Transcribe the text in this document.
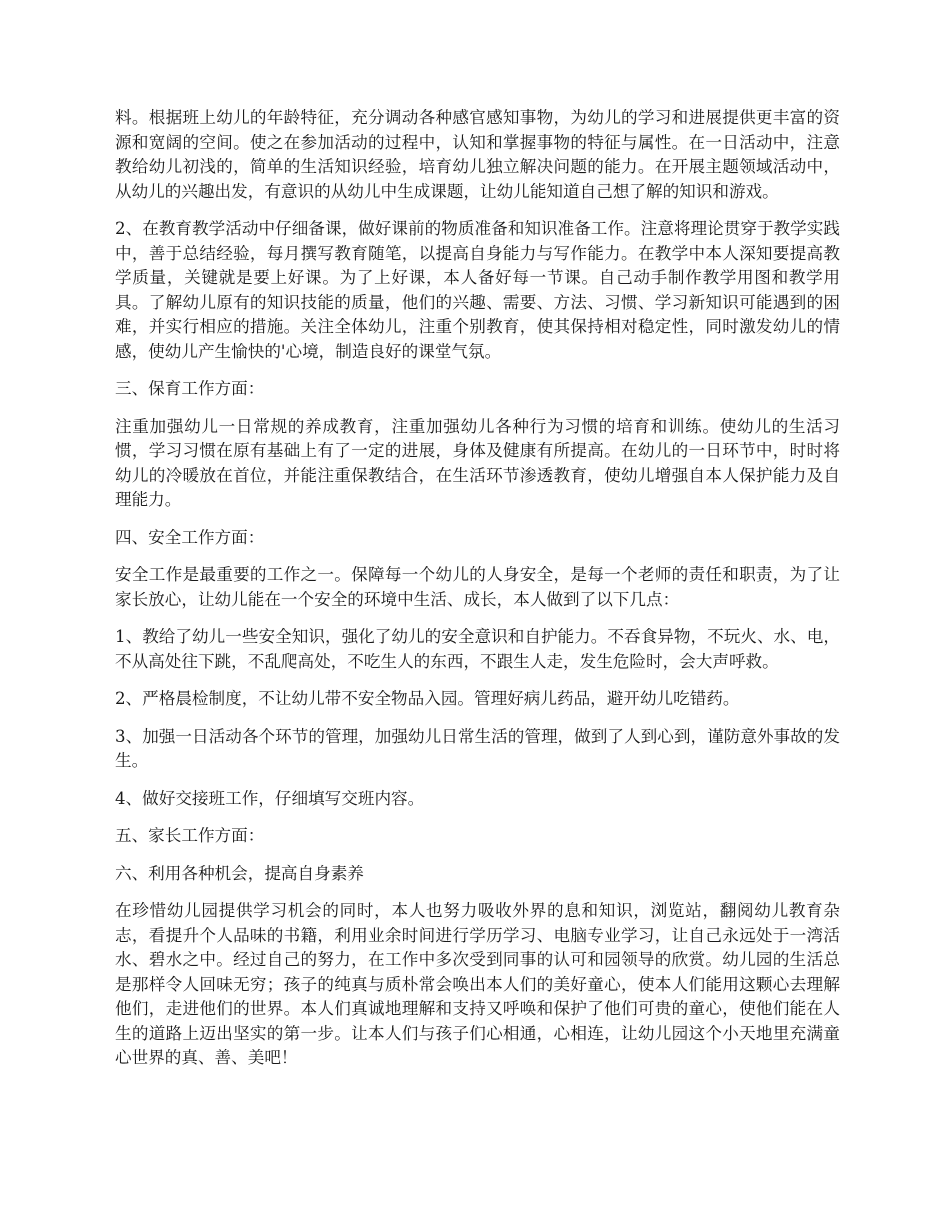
料。根据班上幼儿的年龄特征，充分调动各种感官感知事物，为幼儿的学习和进展提供更丰富的资源和宽阔的空间。使之在参加活动的过程中，认知和掌握事物的特征与属性。在一日活动中，注意教给幼儿初浅的，简单的生活知识经验，培育幼儿独立解决问题的能力。在开展主题领域活动中，从幼儿的兴趣出发，有意识的从幼儿中生成课题，让幼儿能知道自己想了解的知识和游戏。

2、在教育教学活动中仔细备课，做好课前的物质准备和知识准备工作。注意将理论贯穿于教学实践中，善于总结经验，每月撰写教育随笔，以提高自身能力与写作能力。在教学中本人深知要提高教学质量，关键就是要上好课。为了上好课，本人备好每一节课。自己动手制作教学用图和教学用具。了解幼儿原有的知识技能的质量，他们的兴趣、需要、方法、习惯、学习新知识可能遇到的困难，并实行相应的措施。关注全体幼儿，注重个别教育，使其保持相对稳定性，同时激发幼儿的情感，使幼儿产生愉快的'心境，制造良好的课堂气氛。

三、保育工作方面：

注重加强幼儿一日常规的养成教育，注重加强幼儿各种行为习惯的培育和训练。使幼儿的生活习惯，学习习惯在原有基础上有了一定的进展，身体及健康有所提高。在幼儿的一日环节中，时时将幼儿的冷暖放在首位，并能注重保教结合，在生活环节渗透教育，使幼儿增强自本人保护能力及自理能力。

四、安全工作方面：

安全工作是最重要的工作之一。保障每一个幼儿的人身安全，是每一个老师的责任和职责，为了让家长放心，让幼儿能在一个安全的环境中生活、成长，本人做到了以下几点：

1、教给了幼儿一些安全知识，强化了幼儿的安全意识和自护能力。不吞食异物，不玩火、水、电，不从高处往下跳，不乱爬高处，不吃生人的东西，不跟生人走，发生危险时，会大声呼救。

2、严格晨检制度，不让幼儿带不安全物品入园。管理好病儿药品，避开幼儿吃错药。

3、加强一日活动各个环节的管理，加强幼儿日常生活的管理，做到了人到心到，谨防意外事故的发生。

4、做好交接班工作，仔细填写交班内容。

五、家长工作方面：

六、利用各种机会，提高自身素养

在珍惜幼儿园提供学习机会的同时，本人也努力吸收外界的息和知识，浏览站，翻阅幼儿教育杂志，看提升个人品味的书籍，利用业余时间进行学历学习、电脑专业学习，让自己永远处于一湾活水、碧水之中。经过自己的努力，在工作中多次受到同事的认可和园领导的欣赏。幼儿园的生活总是那样令人回味无穷；孩子的纯真与质朴常会唤出本人们的美好童心，使本人们能用这颗心去理解他们，走进他们的世界。本人们真诚地理解和支持又呼唤和保护了他们可贵的童心，使他们能在人生的道路上迈出坚实的第一步。让本人们与孩子们心相通，心相连，让幼儿园这个小天地里充满童心世界的真、善、美吧！
